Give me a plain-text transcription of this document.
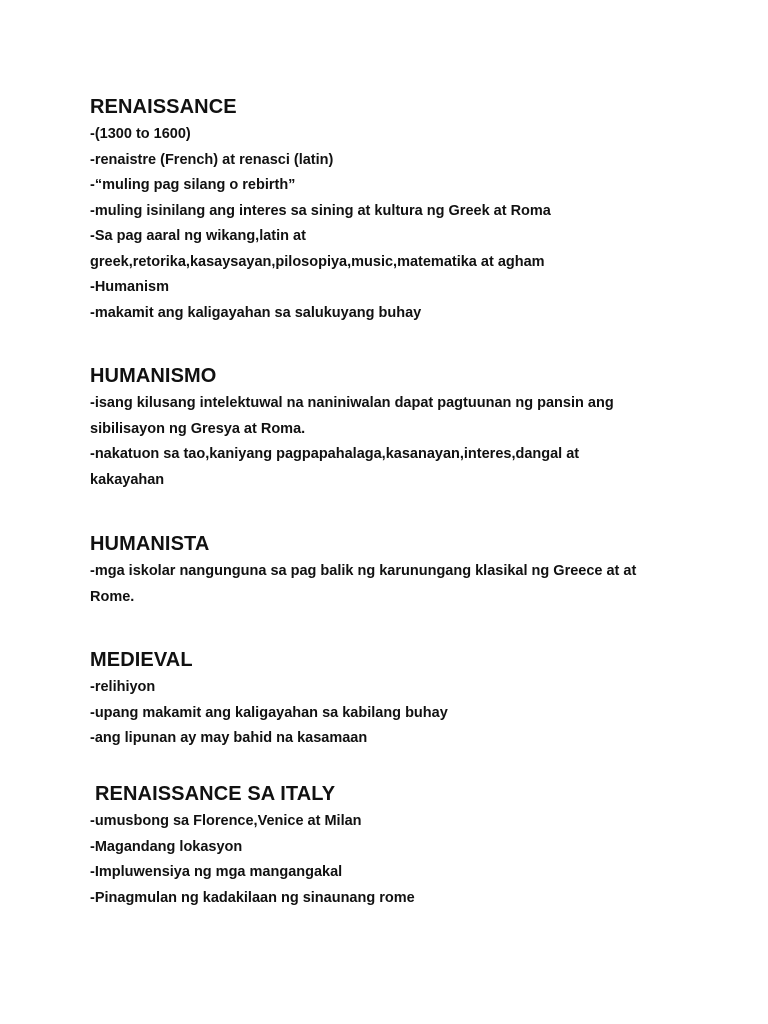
RENAISSANCE
-(1300 to 1600)
-renaistre (French) at renasci (latin)
-“muling pag silang o rebirth”
-muling isinilang ang interes sa sining at kultura ng Greek at Roma
-Sa pag aaral ng wikang,latin at
greek,retorika,kasaysayan,pilosopiya,music,matematika at agham
-Humanism
-makamit ang kaligayahan sa salukuyang buhay
HUMANISMO
-isang kilusang intelektuwal na naniniwalan dapat pagtuunan ng pansin ang
sibilisayon ng Gresya at Roma.
-nakatuon sa tao,kaniyang pagpapahalaga,kasanayan,interes,dangal at
kakayahan
HUMANISTA
-mga iskolar nangunguna sa pag balik ng karunungang klasikal ng Greece at at
Rome.
MEDIEVAL
-relihiyon
-upang makamit ang kaligayahan sa kabilang buhay
-ang lipunan ay may bahid na kasamaan
RENAISSANCE SA ITALY
-umusbong sa Florence,Venice at Milan
-Magandang lokasyon
-Impluwensiya ng mga mangangakal
-Pinagmulan ng kadakilaan ng sinaunang rome
